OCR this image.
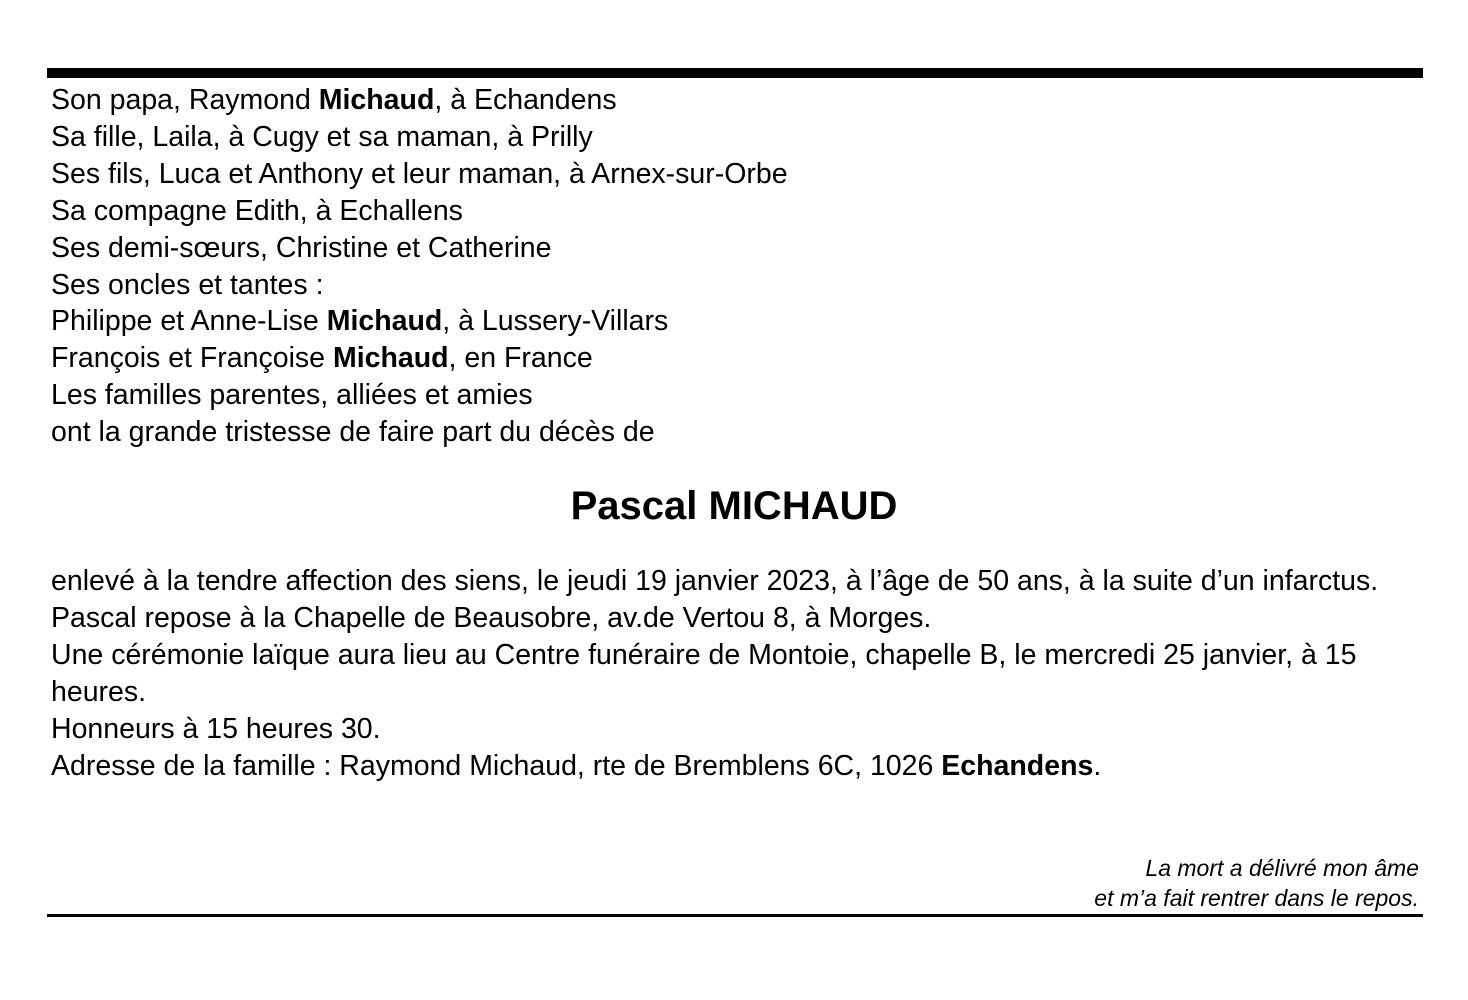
Son papa, Raymond Michaud, à Echandens
Sa fille, Laila, à Cugy et sa maman, à Prilly
Ses fils, Luca et Anthony et leur maman, à Arnex-sur-Orbe
Sa compagne Edith, à Echallens
Ses demi-sœurs, Christine et Catherine
Ses oncles et tantes :
Philippe et Anne-Lise Michaud, à Lussery-Villars
François et Françoise Michaud, en France
Les familles parentes, alliées et amies
ont la grande tristesse de faire part du décès de
Pascal MICHAUD
enlevé à la tendre affection des siens, le jeudi 19 janvier 2023, à l’âge de 50 ans, à la suite d’un infarctus.
Pascal repose à la Chapelle de Beausobre, av.de Vertou 8, à Morges.
Une cérémonie laïque aura lieu au Centre funéraire de Montoie, chapelle B, le mercredi 25 janvier, à 15 heures.
Honneurs à 15 heures 30.
Adresse de la famille : Raymond Michaud, rte de Bremblens 6C, 1026 Echandens.
La mort a délivré mon âme
et m’a fait rentrer dans le repos.
